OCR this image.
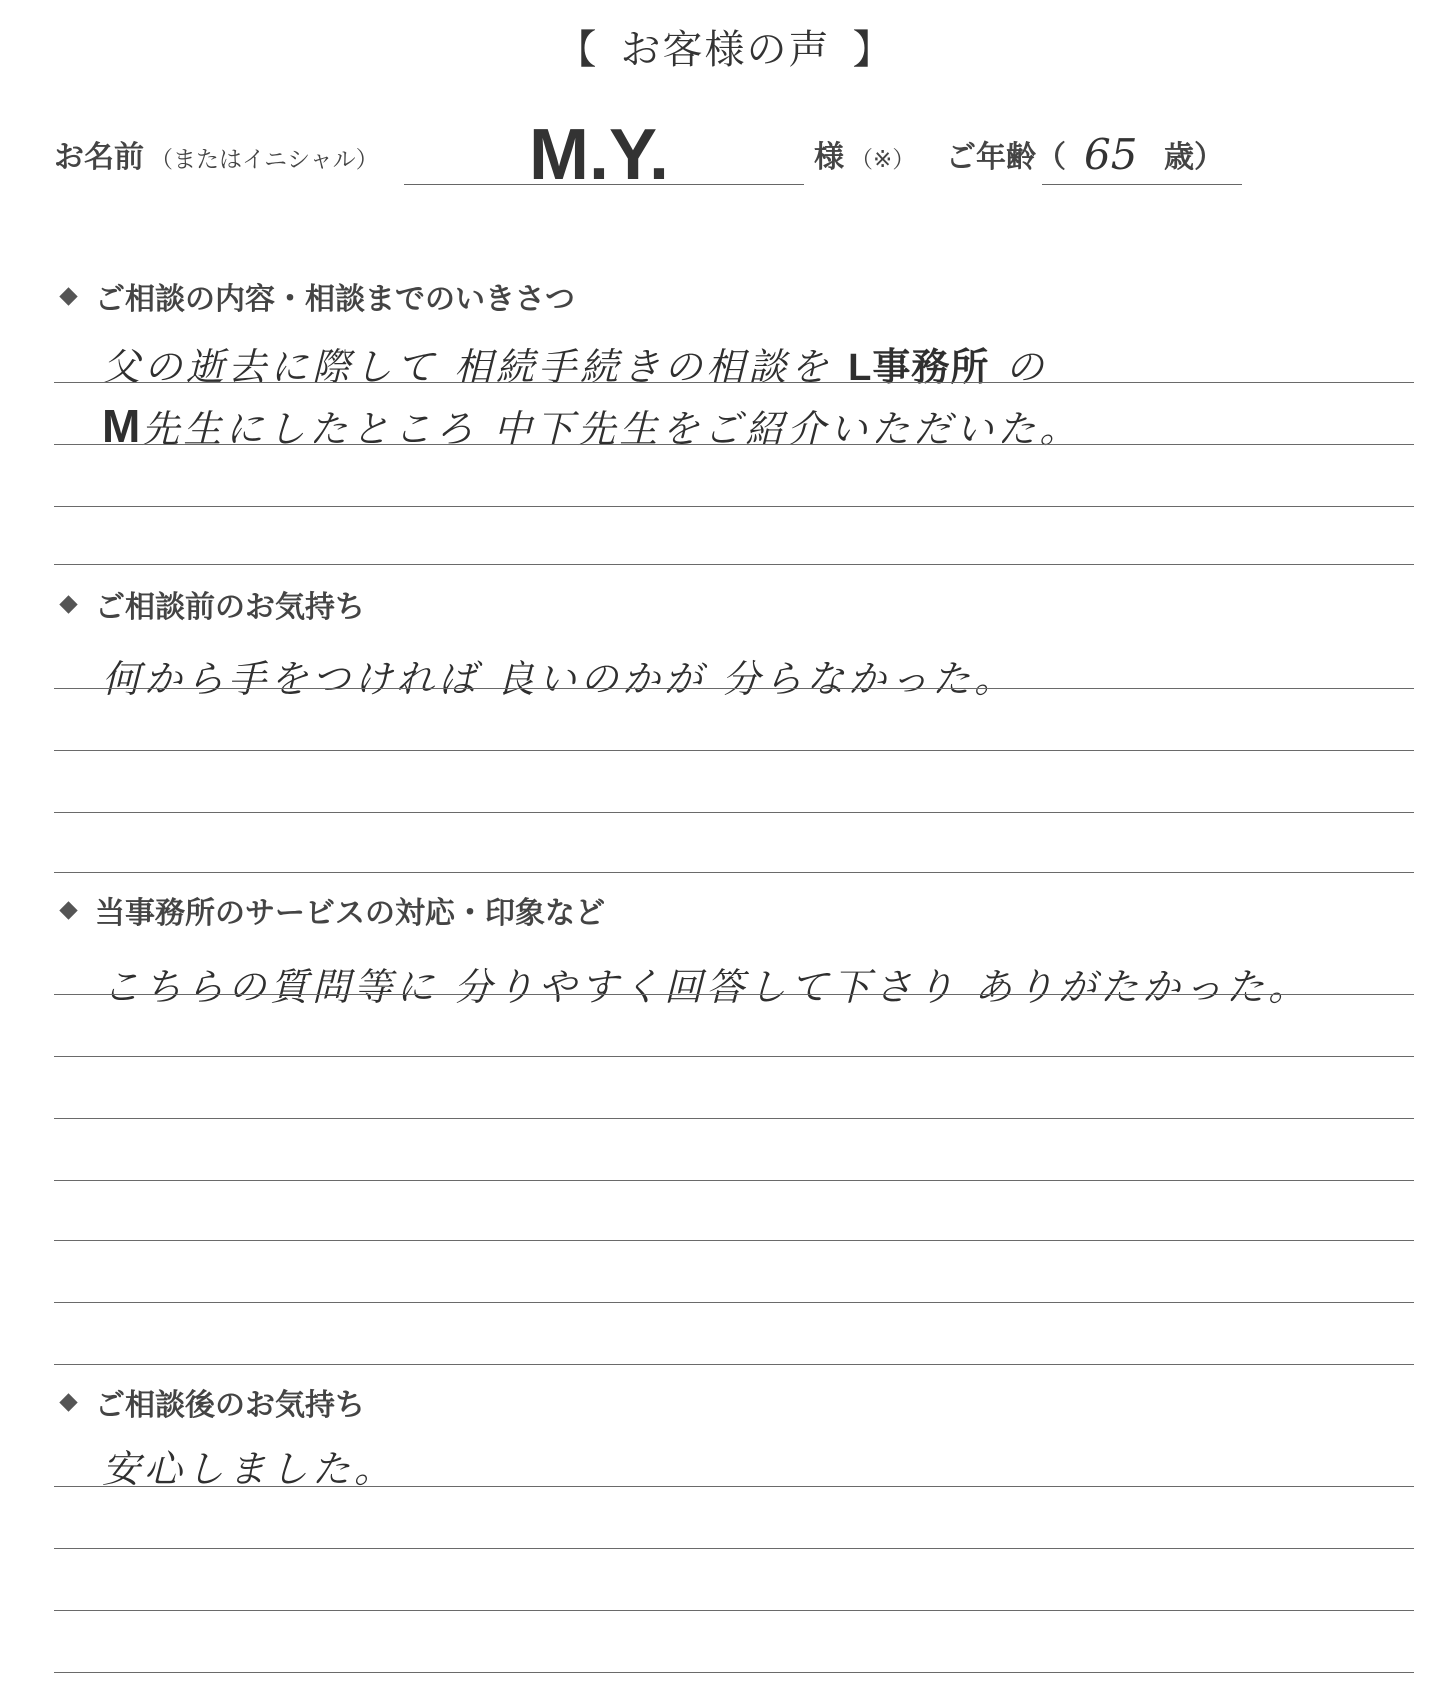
【 お客様の声 】
お名前 （またはイニシャル）	M.Y.	様 （※） ご年齢（ 65 歳）
ご相談の内容・相談までのいきさつ
父の逝去に際して 相続手続きの相談を L事務所 の
M先生にしたところ 中下先生をご紹介いただいた。
ご相談前のお気持ち
何から手をつければ 良いのかが 分らなかった。
当事務所のサービスの対応・印象など
こちらの質問等に 分りやすく回答して下さり ありがたかった。
ご相談後のお気持ち
安心しました。
